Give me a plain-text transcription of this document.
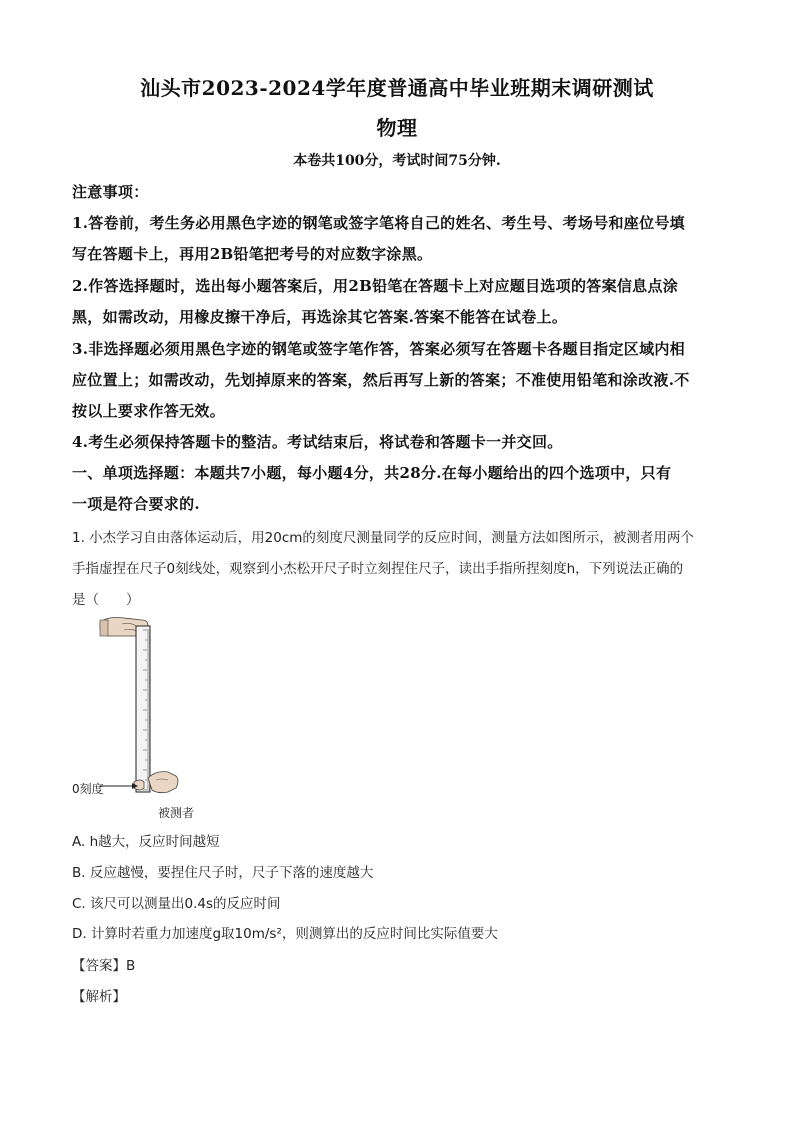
汕头市2023-2024学年度普通高中毕业班期末调研测试
物理
本卷共100分，考试时间75分钟.
注意事项：
1.答卷前，考生务必用黑色字迹的钢笔或签字笔将自己的姓名、考生号、考场号和座位号填
写在答题卡上，再用2B铅笔把考号的对应数字涂黑。
2.作答选择题时，选出每小题答案后，用2B铅笔在答题卡上对应题目选项的答案信息点涂
黑，如需改动，用橡皮擦干净后，再选涂其它答案.答案不能答在试卷上。
3.非选择题必须用黑色字迹的钢笔或签字笔作答，答案必须写在答题卡各题目指定区域内相
应位置上；如需改动，先划掉原来的答案，然后再写上新的答案；不准使用铅笔和涂改液.不
按以上要求作答无效。
4.考生必须保持答题卡的整洁。考试结束后，将试卷和答题卡一并交回。
一、单项选择题：本题共7小题，每小题4分，共28分.在每小题给出的四个选项中，只有
一项是符合要求的.
1. 小杰学习自由落体运动后，用20cm的刻度尺测量同学的反应时间，测量方法如图所示，被测者用两个
手指虚捏在尺子0刻线处，观察到小杰松开尺子时立刻捏住尺子，读出手指所捏刻度h，下列说法正确的
是（　　）
0刻度
被测者
A. h越大，反应时间越短
B. 反应越慢，要捏住尺子时，尺子下落的速度越大
C. 该尺可以测量出0.4s的反应时间
D. 计算时若重力加速度g取10m/s²，则测算出的反应时间比实际值要大
【答案】B
【解析】
